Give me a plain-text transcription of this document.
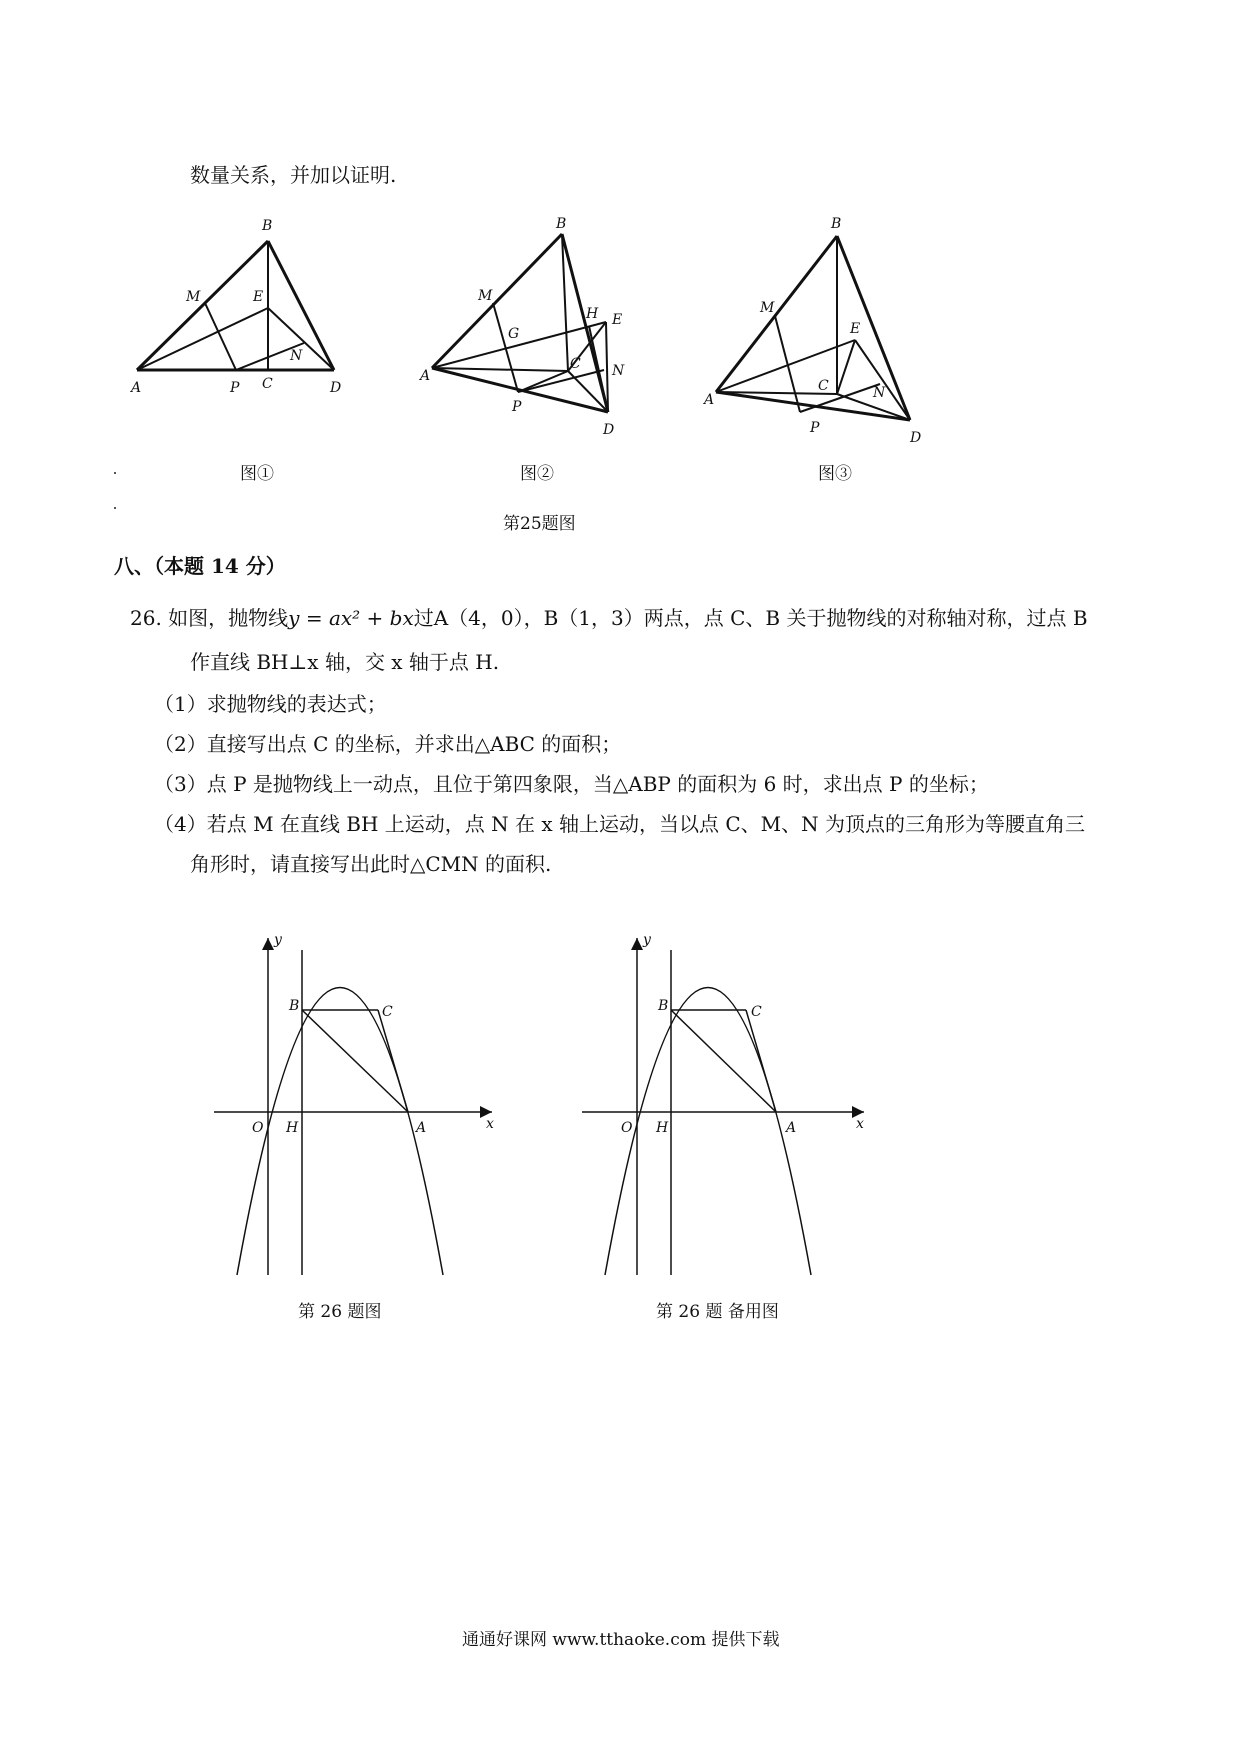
数量关系，并加以证明.
A
B
C	D
E
M
N
P
A
B
C
D
E
G
H
M
N
P	A
B
C
D
E
M
N
P
图①	图②	图③
第25题图
八、（本题 14 分）
26. 如图，抛物线y = ax² + bx过A（4，0），B（1，3）两点，点 C、B 关于抛物线的对称轴对称，过点 B
作直线 BH⊥x 轴，交 x 轴于点 H.
（1）求抛物线的表达式；
（2）直接写出点 C 的坐标，并求出△ABC 的面积；
（3）点 P 是抛物线上一动点，且位于第四象限，当△ABP 的面积为 6 时，求出点 P 的坐标；
（4）若点 M 在直线 BH 上运动，点 N 在 x 轴上运动，当以点 C、M、N 为顶点的三角形为等腰直角三
角形时，请直接写出此时△CMN 的面积.
y
x
O H	A
B	C
y
x
O H	A
B	C
第 26 题图	第 26 题 备用图
通通好课网 www.tthaoke.com 提供下载
